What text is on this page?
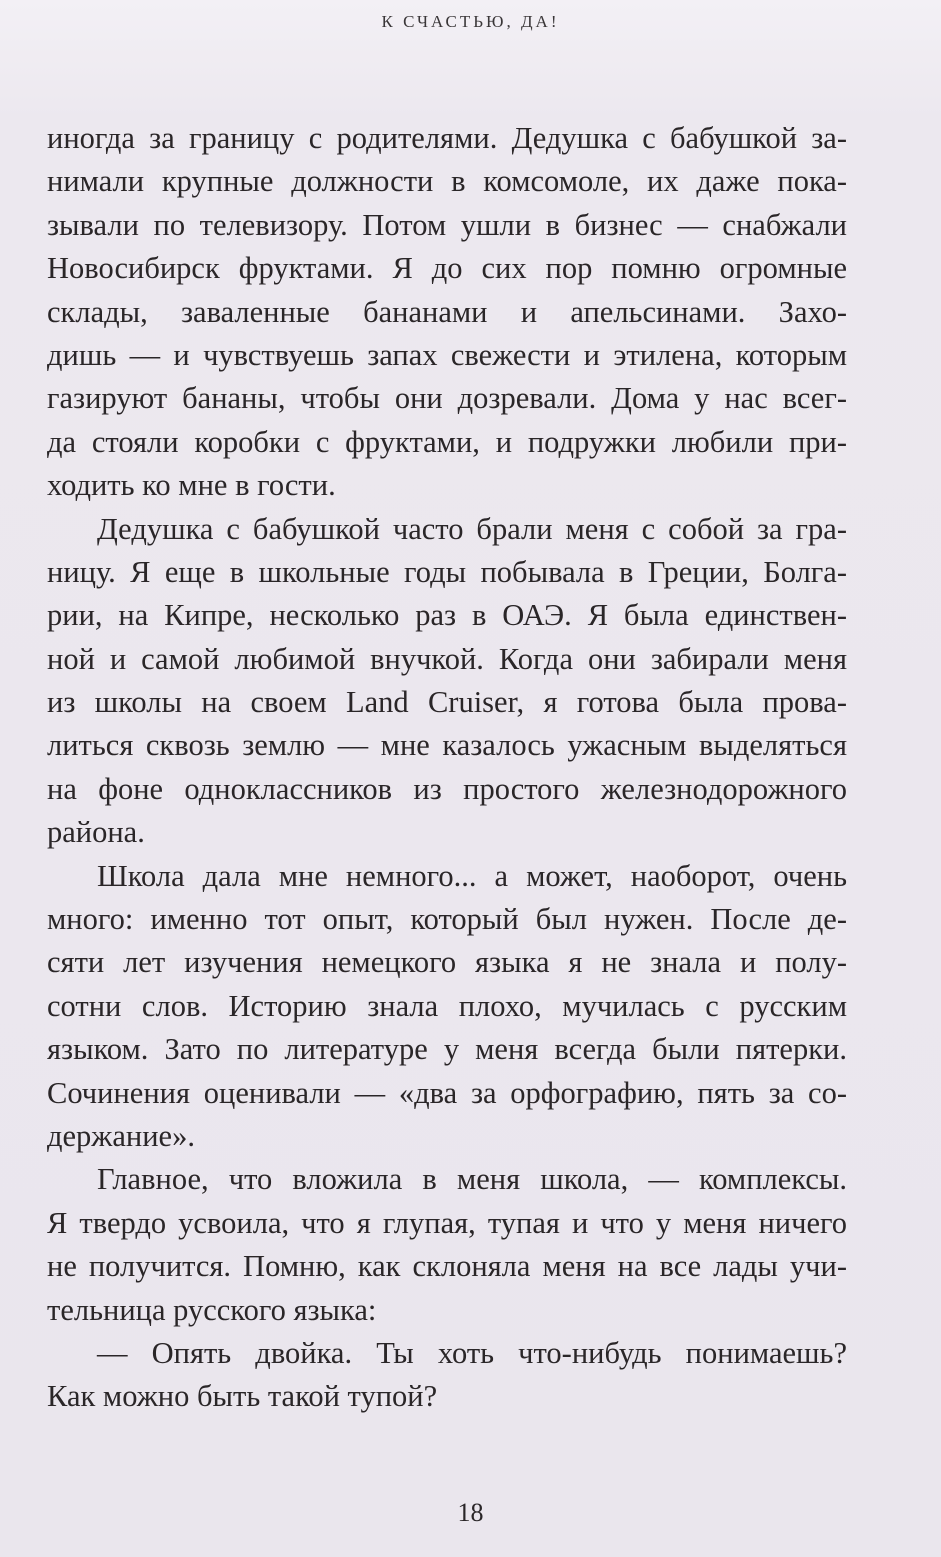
К СЧАСТЬЮ, ДА!
иногда за границу с родителями. Дедушка с бабушкой за-
нимали крупные должности в комсомоле, их даже пока-
зывали по телевизору. Потом ушли в бизнес — снабжали
Новосибирск фруктами. Я до сих пор помню огромные
склады, заваленные бананами и апельсинами. Захо-
дишь — и чувствуешь запах свежести и этилена, которым
газируют бананы, чтобы они дозревали. Дома у нас всег-
да стояли коробки с фруктами, и подружки любили при-
ходить ко мне в гости.
Дедушка с бабушкой часто брали меня с собой за гра-
ницу. Я еще в школьные годы побывала в Греции, Болга-
рии, на Кипре, несколько раз в ОАЭ. Я была единствен-
ной и самой любимой внучкой. Когда они забирали меня
из школы на своем Land Cruiser, я готова была прова-
литься сквозь землю — мне казалось ужасным выделяться
на фоне одноклассников из простого железнодорожного
района.
Школа дала мне немного... а может, наоборот, очень
много: именно тот опыт, который был нужен. После де-
сяти лет изучения немецкого языка я не знала и полу-
сотни слов. Историю знала плохо, мучилась с русским
языком. Зато по литературе у меня всегда были пятерки.
Сочинения оценивали — «два за орфографию, пять за со-
держание».
Главное, что вложила в меня школа, — комплексы.
Я твердо усвоила, что я глупая, тупая и что у меня ничего
не получится. Помню, как склоняла меня на все лады учи-
тельница русского языка:
— Опять двойка. Ты хоть что-нибудь понимаешь?
Как можно быть такой тупой?
18
